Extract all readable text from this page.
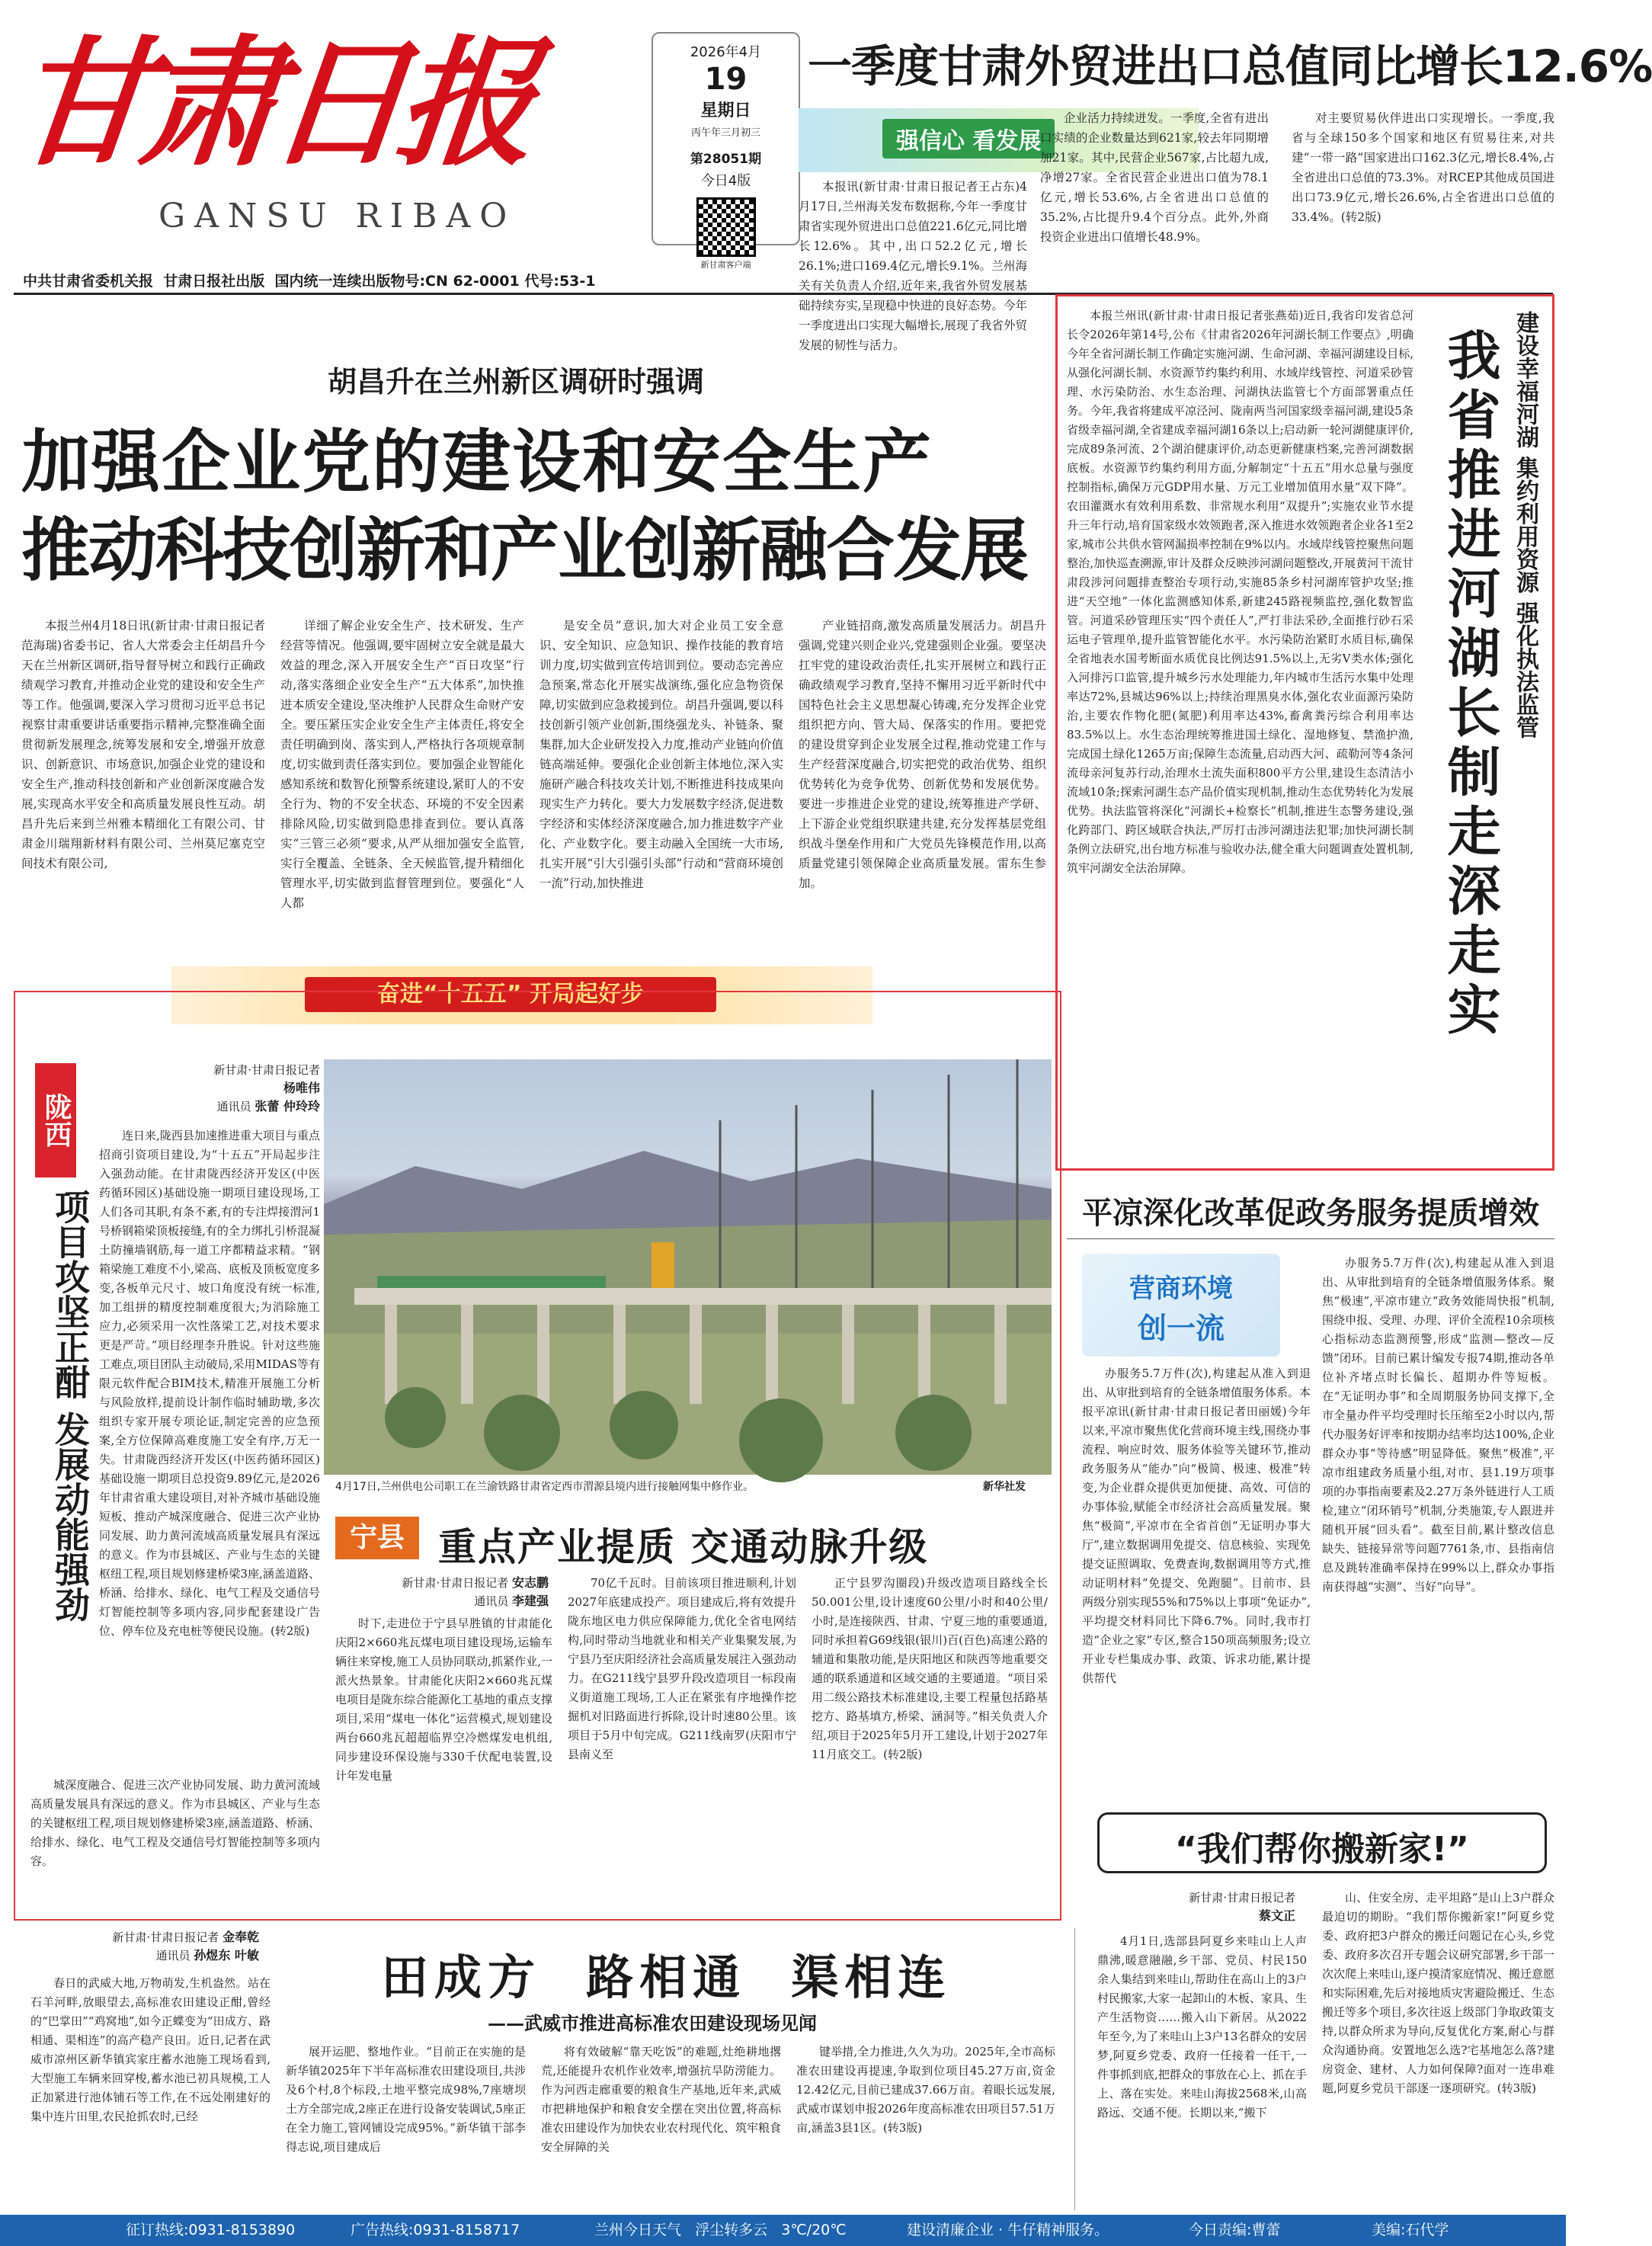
甘肃日报
GANSU RIBAO
2026年4月
19
星期日
丙午年三月初三
第28051期
今日4版
新甘肃客户端
中共甘肃省委机关报  甘肃日报社出版  国内统一连续出版物号:CN 62-0001 代号:53-1
一季度甘肃外贸进出口总值同比增长12.6%
强信心 看发展

本报讯(新甘肃·甘肃日报记者王占东)4月17日,兰州海关发布数据称,今年一季度甘肃省实现外贸进出口总值221.6亿元,同比增长12.6%。其中,出口52.2亿元,增长26.1%;进口169.4亿元,增长9.1%。兰州海关有关负责人介绍,近年来,我省外贸发展基础持续夯实,呈现稳中快进的良好态势。今年一季度进出口实现大幅增长,展现了我省外贸发展的韧性与活力。

企业活力持续迸发。一季度,全省有进出口实绩的企业数量达到621家,较去年同期增加21家。其中,民营企业567家,占比超九成,净增27家。全省民营企业进出口值为78.1亿元,增长53.6%,占全省进出口总值的35.2%,占比提升9.4个百分点。此外,外商投资企业进出口值增长48.9%。

对主要贸易伙伴进出口实现增长。一季度,我省与全球150多个国家和地区有贸易往来,对共建“一带一路”国家进出口162.3亿元,增长8.4%,占全省进出口总值的73.3%。对RCEP其他成员国进出口73.9亿元,增长26.6%,占全省进出口总值的33.4%。(转2版)

胡昌升在兰州新区调研时强调
加强企业党的建设和安全生产
推动科技创新和产业创新融合发展

本报兰州4月18日讯(新甘肃·甘肃日报记者范海瑞)省委书记、省人大常委会主任胡昌升今天在兰州新区调研,指导督导树立和践行正确政绩观学习教育,并推动企业党的建设和安全生产等工作。他强调,要深入学习贯彻习近平总书记视察甘肃重要讲话重要指示精神,完整准确全面贯彻新发展理念,统筹发展和安全,增强开放意识、创新意识、市场意识,加强企业党的建设和安全生产,推动科技创新和产业创新深度融合发展,实现高水平安全和高质量发展良性互动。胡昌升先后来到兰州雅本精细化工有限公司、甘肃金川瑞翔新材料有限公司、兰州莫尼塞克空间技术有限公司,

详细了解企业安全生产、技术研发、生产经营等情况。他强调,要牢固树立安全就是最大效益的理念,深入开展安全生产“百日攻坚”行动,落实落细企业安全生产“五大体系”,加快推进本质安全建设,坚决维护人民群众生命财产安全。要压紧压实企业安全生产主体责任,将安全责任明确到岗、落实到人,严格执行各项规章制度,切实做到责任落实到位。要加强企业智能化感知系统和数智化预警系统建设,紧盯人的不安全行为、物的不安全状态、环境的不安全因素排除风险,切实做到隐患排查到位。要认真落实“三管三必须”要求,从严从细加强安全监管,实行全覆盖、全链条、全天候监管,提升精细化管理水平,切实做到监督管理到位。要强化“人人都

是安全员”意识,加大对企业员工安全意识、安全知识、应急知识、操作技能的教育培训力度,切实做到宣传培训到位。要动态完善应急预案,常态化开展实战演练,强化应急物资保障,切实做到应急救援到位。胡昌升强调,要以科技创新引领产业创新,围绕强龙头、补链条、聚集群,加大企业研发投入力度,推动产业链向价值链高端延伸。要强化企业创新主体地位,深入实施研产融合科技攻关计划,不断推进科技成果向现实生产力转化。要大力发展数字经济,促进数字经济和实体经济深度融合,加力推进数字产业化、产业数字化。要主动融入全国统一大市场,扎实开展“引大引强引头部”行动和“营商环境创一流”行动,加快推进

产业链招商,激发高质量发展活力。胡昌升强调,党建兴则企业兴,党建强则企业强。要坚决扛牢党的建设政治责任,扎实开展树立和践行正确政绩观学习教育,坚持不懈用习近平新时代中国特色社会主义思想凝心铸魂,充分发挥企业党组织把方向、管大局、保落实的作用。要把党的建设贯穿到企业发展全过程,推动党建工作与生产经营深度融合,切实把党的政治优势、组织优势转化为竞争优势、创新优势和发展优势。要进一步推进企业党的建设,统筹推进产学研、上下游企业党组织联建共建,充分发挥基层党组织战斗堡垒作用和广大党员先锋模范作用,以高质量党建引领保障企业高质量发展。雷东生参加。

本报兰州讯(新甘肃·甘肃日报记者张燕茹)近日,我省印发省总河长令2026年第14号,公布《甘肃省2026年河湖长制工作要点》,明确今年全省河湖长制工作确定实施河湖、生命河湖、幸福河湖建设目标,从强化河湖长制、水资源节约集约利用、水域岸线管控、河道采砂管理、水污染防治、水生态治理、河湖执法监管七个方面部署重点任务。今年,我省将建成平凉泾河、陇南两当河国家级幸福河湖,建设5条省级幸福河湖,全省建成幸福河湖16条以上;启动新一轮河湖健康评价,完成89条河流、2个湖泊健康评价,动态更新健康档案,完善河湖数据底板。水资源节约集约利用方面,分解制定“十五五”用水总量与强度控制指标,确保万元GDP用水量、万元工业增加值用水量“双下降”。农田灌溉水有效利用系数、非常规水利用“双提升”;实施农业节水提升三年行动,培育国家级水效领跑者,深入推进水效领跑者企业各1至2家,城市公共供水管网漏损率控制在9%以内。水域岸线管控聚焦问题整治,加快巡查溯源,审计及群众反映涉河湖问题整改,开展黄河干流甘肃段涉河问题排查整治专项行动,实施85条乡村河湖库管护攻坚;推进“天空地”一体化监测感知体系,新建245路视频监控,强化数智监管。河道采砂管理压实“四个责任人”,严打非法采砂,全面推行砂石采运电子管理单,提升监管智能化水平。水污染防治紧盯水质目标,确保全省地表水国考断面水质优良比例达91.5%以上,无劣V类水体;强化入河排污口监管,提升城乡污水处理能力,年内城市生活污水集中处理率达72%,县城达96%以上;持续治理黑臭水体,强化农业面源污染防治,主要农作物化肥(氮肥)利用率达43%,畜禽粪污综合利用率达83.5%以上。水生态治理统筹推进国土绿化、湿地修复、禁渔护渔,完成国土绿化1265万亩;保障生态流量,启动西大河、疏勒河等4条河流母亲河复苏行动,治理水土流失面积800平方公里,建设生态清洁小流域10条;探索河湖生态产品价值实现机制,推动生态优势转化为发展优势。执法监管将深化“河湖长+检察长”机制,推进生态警务建设,强化跨部门、跨区域联合执法,严厉打击涉河湖违法犯罪;加快河湖长制条例立法研究,出台地方标准与验收办法,健全重大问题调查处置机制,筑牢河湖安全法治屏障。

建设幸福河湖 集约利用资源 强化执法监管
我省推进河湖长制走深走实
奋进“十五五” 开局起好步
陇西
项目攻坚正酣 发展动能强劲
新甘肃·甘肃日报记者
杨唯伟
通讯员 张蕾 仲玲玲

连日来,陇西县加速推进重大项目与重点招商引资项目建设,为“十五五”开局起步注入强劲动能。在甘肃陇西经济开发区(中医药循环园区)基础设施一期项目建设现场,工人们各司其职,有条不紊,有的专注焊接渭河1号桥钢箱梁顶板接缝,有的全力绑扎引桥混凝土防撞墙钢筋,每一道工序都精益求精。“钢箱梁施工难度不小,梁高、底板及顶板宽度多变,各板单元尺寸、坡口角度没有统一标准,加工组拼的精度控制难度很大;为消除施工应力,必须采用一次性落梁工艺,对技术要求更是严苛。”项目经理李升胜说。针对这些施工难点,项目团队主动破局,采用MIDAS等有限元软件配合BIM技术,精准开展施工分析与风险放样,提前设计制作临时辅助墩,多次组织专家开展专项论证,制定完善的应急预案,全方位保障高难度施工安全有序,万无一失。甘肃陇西经济开发区(中医药循环园区)基础设施一期项目总投资9.89亿元,是2026年甘肃省重大建设项目,对补齐城市基础设施短板、推动产城深度融合、促进三次产业协同发展、助力黄河流域高质量发展具有深远的意义。作为市县城区、产业与生态的关键枢纽工程,项目规划修建桥梁3座,涵盖道路、桥涵、给排水、绿化、电气工程及交通信号灯智能控制等多项内容,同步配套建设广告位、停车位及充电桩等便民设施。(转2版)

城深度融合、促进三次产业协同发展、助力黄河流域高质量发展具有深远的意义。作为市县城区、产业与生态的关键枢纽工程,项目规划修建桥梁3座,涵盖道路、桥涵、给排水、绿化、电气工程及交通信号灯智能控制等多项内容。

4月17日,兰州供电公司职工在兰渝铁路甘肃省定西市渭源县境内进行接触网集中修作业。	新华社发
宁县 重点产业提质 交通动脉升级
新甘肃·甘肃日报记者 安志鹏
通讯员 李建强

时下,走进位于宁县早胜镇的甘肃能化庆阳2×660兆瓦煤电项目建设现场,运输车辆往来穿梭,施工人员协同联动,抓紧作业,一派火热景象。甘肃能化庆阳2×660兆瓦煤电项目是陇东综合能源化工基地的重点支撑项目,采用“煤电一体化”运营模式,规划建设两台660兆瓦超超临界空冷燃煤发电机组,同步建设环保设施与330千伏配电装置,设计年发电量

70亿千瓦时。目前该项目推进顺利,计划2027年底建成投产。项目建成后,将有效提升陇东地区电力供应保障能力,优化全省电网结构,同时带动当地就业和相关产业集聚发展,为宁县乃至庆阳经济社会高质量发展注入强劲动力。在G211线宁县罗升段改造项目一标段南义街道施工现场,工人正在紧张有序地操作挖掘机对旧路面进行拆除,设计时速80公里。该项目于5月中旬完成。G211线南罗(庆阳市宁县南义至

正宁县罗沟圈段)升级改造项目路线全长50.001公里,设计速度60公里/小时和40公里/小时,是连接陕西、甘肃、宁夏三地的重要通道,同时承担着G69线银(银川)百(百色)高速公路的辅道和集散功能,是庆阳地区和陕西等地重要交通的联系通道和区域交通的主要通道。“项目采用二级公路技术标准建设,主要工程量包括路基挖方、路基填方,桥梁、涵洞等。”相关负责人介绍,项目于2025年5月开工建设,计划于2027年11月底交工。(转2版)

平凉深化改革促政务服务提质增效
营商环境
创一流

办服务5.7万件(次),构建起从准入到退出、从审批到培育的全链条增值服务体系。本报平凉讯(新甘肃·甘肃日报记者田丽媛)今年以来,平凉市聚焦优化营商环境主线,围绕办事流程、响应时效、服务体验等关键环节,推动政务服务从“能办”向“极简、极速、极准”转变,为企业群众提供更加便捷、高效、可信的办事体验,赋能全市经济社会高质量发展。聚焦“极简”,平凉市在全省首创“无证明办事大厅”,建立数据调用免提交、信息核验、实现免提交证照调取、免费查询,数据调用等方式,推动证明材料“免提交、免跑腿”。目前市、县两级分别实现55%和75%以上事项“免证办”,平均提交材料同比下降6.7%。同时,我市打造“企业之家”专区,整合150项高频服务;设立开业专栏集成办事、政策、诉求功能,累计提供帮代

办服务5.7万件(次),构建起从准入到退出、从审批到培育的全链条增值服务体系。聚焦“极速”,平凉市建立“政务效能周快报”机制,围绕申报、受理、办理、评价全流程10余项核心指标动态监测预警,形成“监测—整改—反馈”闭环。目前已累计编发专报74期,推动各单位补齐堵点时长偏长、超期办件等短板。在“无证明办事”和全周期服务协同支撑下,全市全量办件平均受理时长压缩至2小时以内,帮代办服务好评率和按期办结率均达100%,企业群众办事“等待感”明显降低。聚焦“极准”,平凉市组建政务质量小组,对市、县1.19万项事项的办事指南要素及2.27万条外链进行人工质检,建立“闭环销号”机制,分类施策,专人跟进并随机开展“回头看”。截至目前,累计整改信息缺失、链接异常等问题7761条,市、县指南信息及跳转准确率保持在99%以上,群众办事指南获得越“实测”、当好“向导”。

“我们帮你搬新家!”
新甘肃·甘肃日报记者
蔡文正

4月1日,选部县阿夏乡来哇山上人声鼎沸,暖意融融,乡干部、党员、村民150余人集结到来哇山,帮助住在高山上的3户村民搬家,大家一起卸山的木板、家具、生产生活物资……搬入山下新居。从2022年至今,为了来哇山上3户13名群众的安居梦,阿夏乡党委、政府一任接着一任干,一件事抓到底,把群众的事放在心上、抓在手上、落在实处。来哇山海拔2568米,山高路远、交通不便。长期以来,“搬下

山、住安全房、走平坦路”是山上3户群众最迫切的期盼。“我们帮你搬新家!”阿夏乡党委、政府把3户群众的搬迁问题记在心头,乡党委、政府多次召开专题会议研究部署,乡干部一次次爬上来哇山,逐户摸清家庭情况、搬迁意愿和实际困难,先后对接地质灾害避险搬迁、生态搬迁等多个项目,多次往返上级部门争取政策支持,以群众所求为导向,反复优化方案,耐心与群众沟通协商。安置地怎么选?宅基地怎么落?建房资金、建材、人力如何保障?面对一连串难题,阿夏乡党员干部逐一逐项研究。(转3版)

新甘肃·甘肃日报记者 金奉乾
通讯员 孙煜东 叶敏	田成方  路相通  渠相连
——武威市推进高标准农田建设现场见闻

春日的武威大地,万物萌发,生机盎然。站在石羊河畔,放眼望去,高标准农田建设正酣,曾经的“巴掌田”“鸡窝地”,如今正蝶变为“田成方、路相通、渠相连”的高产稳产良田。近日,记者在武威市凉州区新华镇宾家庄蓄水池施工现场看到,大型施工车辆来回穿梭,蓄水池已初具规模,工人正加紧进行池体铺石等工作,在不远处刚建好的集中连片田里,农民抢抓农时,已经

展开运肥、整地作业。“目前正在实施的是新华镇2025年下半年高标准农田建设项目,共涉及6个村,8个标段,土地平整完成98%,7座塘坝土方全部完成,2座正在进行设备安装调试,5座正在全力施工,管网铺设完成95%。”新华镇干部李得志说,项目建成后

将有效破解“靠天吃饭”的难题,灶绝耕地撂荒,还能提升农机作业效率,增强抗旱防涝能力。作为河西走廊重要的粮食生产基地,近年来,武威市把耕地保护和粮食安全摆在突出位置,将高标准农田建设作为加快农业农村现代化、筑牢粮食安全屏障的关

键举措,全力推进,久久为功。2025年,全市高标准农田建设再提速,争取到位项目45.27万亩,资金12.42亿元,目前已建成37.66万亩。着眼长远发展,武威市谋划申报2026年度高标准农田项目57.51万亩,涵盖3县1区。(转3版)

征订热线:0931-8153890	广告热线:0931-8158717	兰州今日天气   浮尘转多云   3℃/20℃	建设清廉企业 · 牛仔精神服务。	今日责编:曹蕾	美编:石代学
